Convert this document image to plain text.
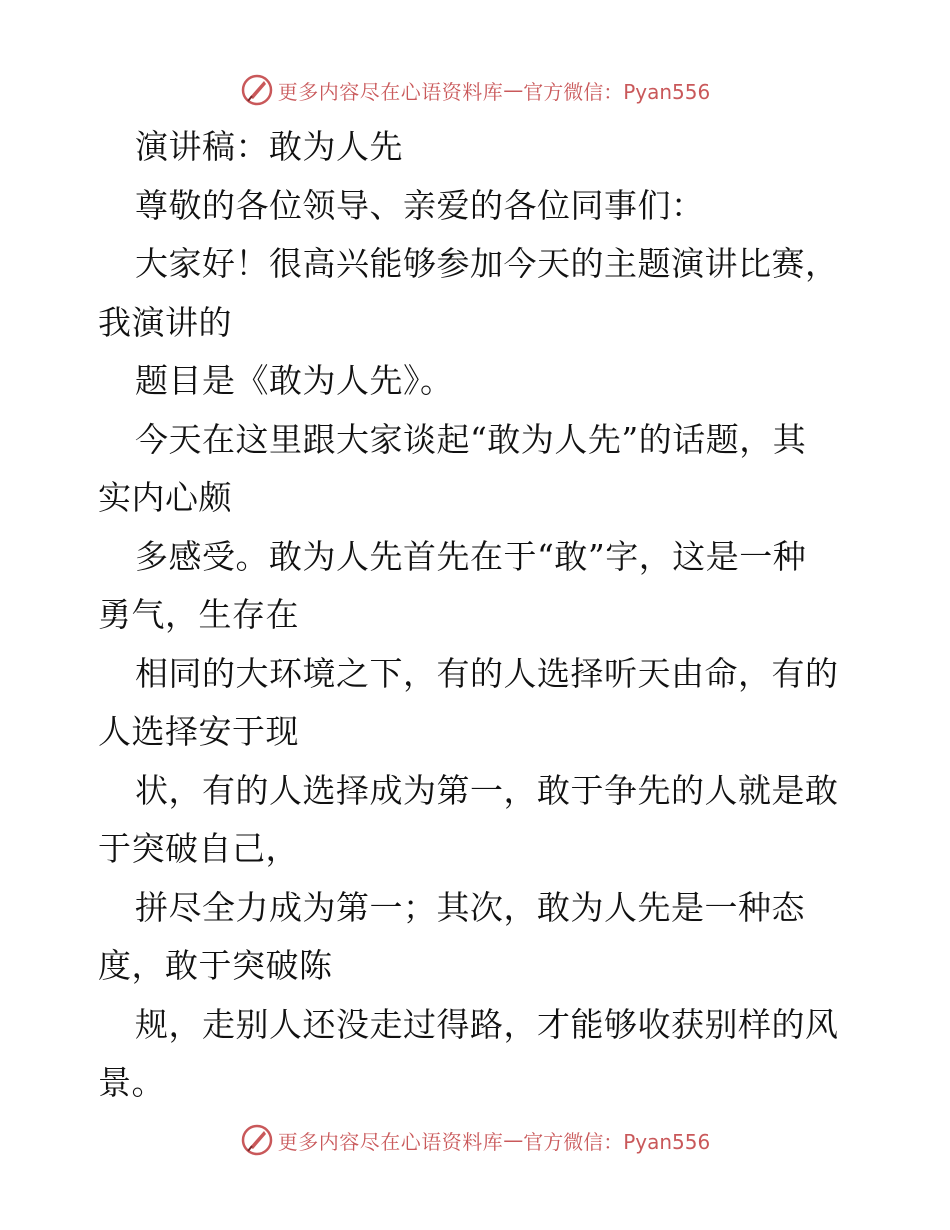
更多内容尽在心语资料库 — 官方微信：Pyan556
演讲稿：敢为人先
尊敬的各位领导、亲爱的各位同事们：
大家好！很高兴能够参加今天的主题演讲比赛，
我演讲的
题目是《敢为人先》。
今天在这里跟大家谈起“敢为人先”的话题，其
实内心颇
多感受。敢为人先首先在于“敢”字，这是一种
勇气，生存在
相同的大环境之下，有的人选择听天由命，有的
人选择安于现
状，有的人选择成为第一，敢于争先的人就是敢
于突破自己，
拼尽全力成为第一；其次，敢为人先是一种态
度，敢于突破陈
规，走别人还没走过得路，才能够收获别样的风
景。
更多内容尽在心语资料库 — 官方微信：Pyan556
